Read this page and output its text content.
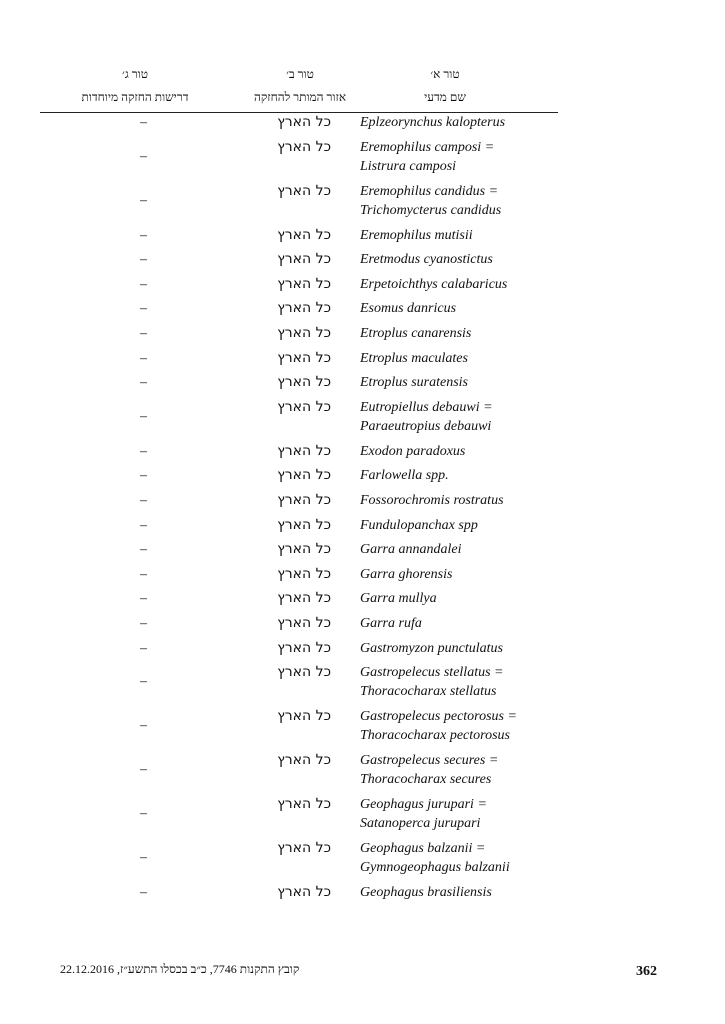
טור א׳
שם מדעי
טור ב׳
אזור המותר להחזקה
טור ג׳
דרישות החזקה מיוחדות
Eplzeorynchus kalopterus
כל הארץ
–
Eremophilus camposi =
Listrura camposi
כל הארץ
–
Eremophilus candidus =
Trichomycterus candidus
כל הארץ
–
Eremophilus mutisii
כל הארץ
–
Eretmodus cyanostictus
כל הארץ
–
Erpetoichthys calabaricus
כל הארץ
–
Esomus danricus
כל הארץ
–
Etroplus canarensis
כל הארץ
–
Etroplus maculates
כל הארץ
–
Etroplus suratensis
כל הארץ
–
Eutropiellus debauwi =
Paraeutropius debauwi
כל הארץ
–
Exodon paradoxus
כל הארץ
–
Farlowella spp.
כל הארץ
–
Fossorochromis rostratus
כל הארץ
–
Fundulopanchax spp
כל הארץ
–
Garra annandalei
כל הארץ
–
Garra ghorensis
כל הארץ
–
Garra mullya
כל הארץ
–
Garra rufa
כל הארץ
–
Gastromyzon punctulatus
כל הארץ
–
Gastropelecus stellatus =
Thoracocharax stellatus
כל הארץ
–
Gastropelecus pectorosus =
Thoracocharax pectorosus
כל הארץ
–
Gastropelecus secures =
Thoracocharax secures
כל הארץ
–
Geophagus jurupari =
Satanoperca jurupari
כל הארץ
–
Geophagus balzanii =
Gymnogeophagus balzanii
כל הארץ
–
Geophagus brasiliensis
כל הארץ
–
362
קובץ התקנות 7746, כ״ב בכסלו התשע״ז, 22.12.2016
